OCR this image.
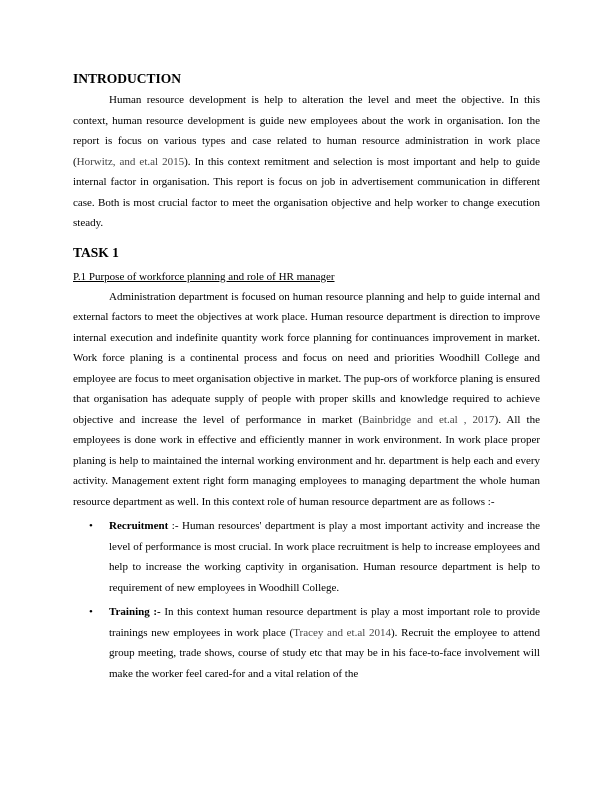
INTRODUCTION

Human resource development is help to alteration the level and meet the objective. In this context, human resource development is guide new employees about the work in organisation. Ion the report is focus on various types and case related to human resource administration in work place (Horwitz, and et.al 2015). In this context remitment and selection is most important and help to guide internal factor in organisation. This report is focus on job in advertisement communication in different case. Both is most crucial factor to meet the organisation objective and help worker to change execution steady.

TASK 1
P.1 Purpose of workforce planning and role of HR manager

Administration department is focused on human resource planning and help to guide internal and external factors to meet the objectives at work place. Human resource department is direction to improve internal execution and indefinite quantity work force planning for continuances improvement in market. Work force planing is a continental process and focus on need and priorities Woodhill College and employee are focus to meet organisation objective in market. The pup-ors of workforce planing is ensured that organisation has adequate supply of people with proper skills and knowledge required to achieve objective and increase the level of performance in market (Bainbridge and et.al , 2017). All the employees is done work in effective and efficiently manner in work environment. In work place proper planing is help to maintained the internal working environment and hr. department is help each and every activity. Management extent right form managing employees to managing department the whole human resource department as well. In this context role of human resource department are as follows :-

• Recruitment :- Human resources' department is play a most important activity and increase the level of performance is most crucial. In work place recruitment is help to increase employees and help to increase the working captivity in organisation. Human resource department is help to requirement of new employees in Woodhill College.
• Training :- In this context human resource department is play a most important role to provide trainings new employees in work place (Tracey and et.al 2014). Recruit the employee to attend group meeting, trade shows, course of study etc that may be in his face-to-face involvement will make the worker feel cared-for and a vital relation of the
